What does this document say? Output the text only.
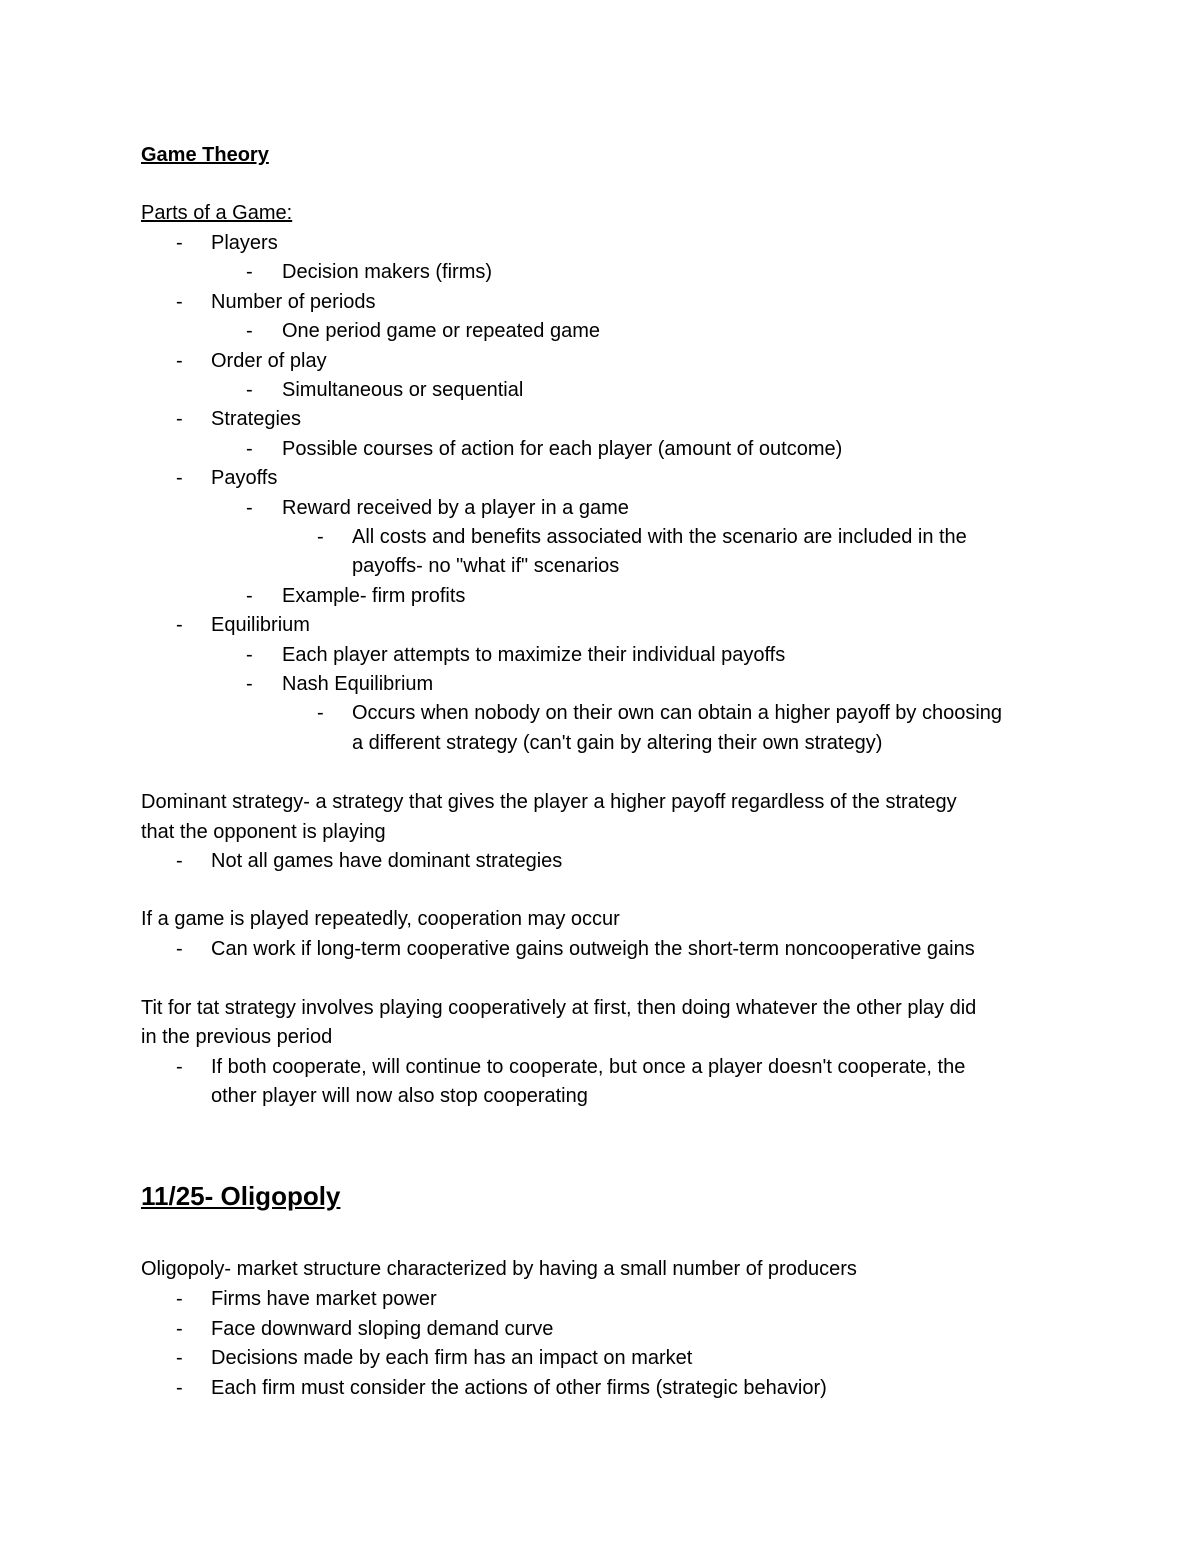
Game Theory
Parts of a Game:
- Players
- Decision makers (firms)
- Number of periods
- One period game or repeated game
- Order of play
- Simultaneous or sequential
- Strategies
- Possible courses of action for each player (amount of outcome)
- Payoffs
- Reward received by a player in a game
- All costs and benefits associated with the scenario are included in the
payoffs- no "what if" scenarios
- Example- firm profits
- Equilibrium
- Each player attempts to maximize their individual payoffs
- Nash Equilibrium
- Occurs when nobody on their own can obtain a higher payoff by choosing
a different strategy (can't gain by altering their own strategy)
Dominant strategy- a strategy that gives the player a higher payoff regardless of the strategy
that the opponent is playing
- Not all games have dominant strategies
If a game is played repeatedly, cooperation may occur
- Can work if long-term cooperative gains outweigh the short-term noncooperative gains
Tit for tat strategy involves playing cooperatively at first, then doing whatever the other play did
in the previous period
- If both cooperate, will continue to cooperate, but once a player doesn't cooperate, the
other player will now also stop cooperating
11/25- Oligopoly
Oligopoly- market structure characterized by having a small number of producers
- Firms have market power
- Face downward sloping demand curve
- Decisions made by each firm has an impact on market
- Each firm must consider the actions of other firms (strategic behavior)
